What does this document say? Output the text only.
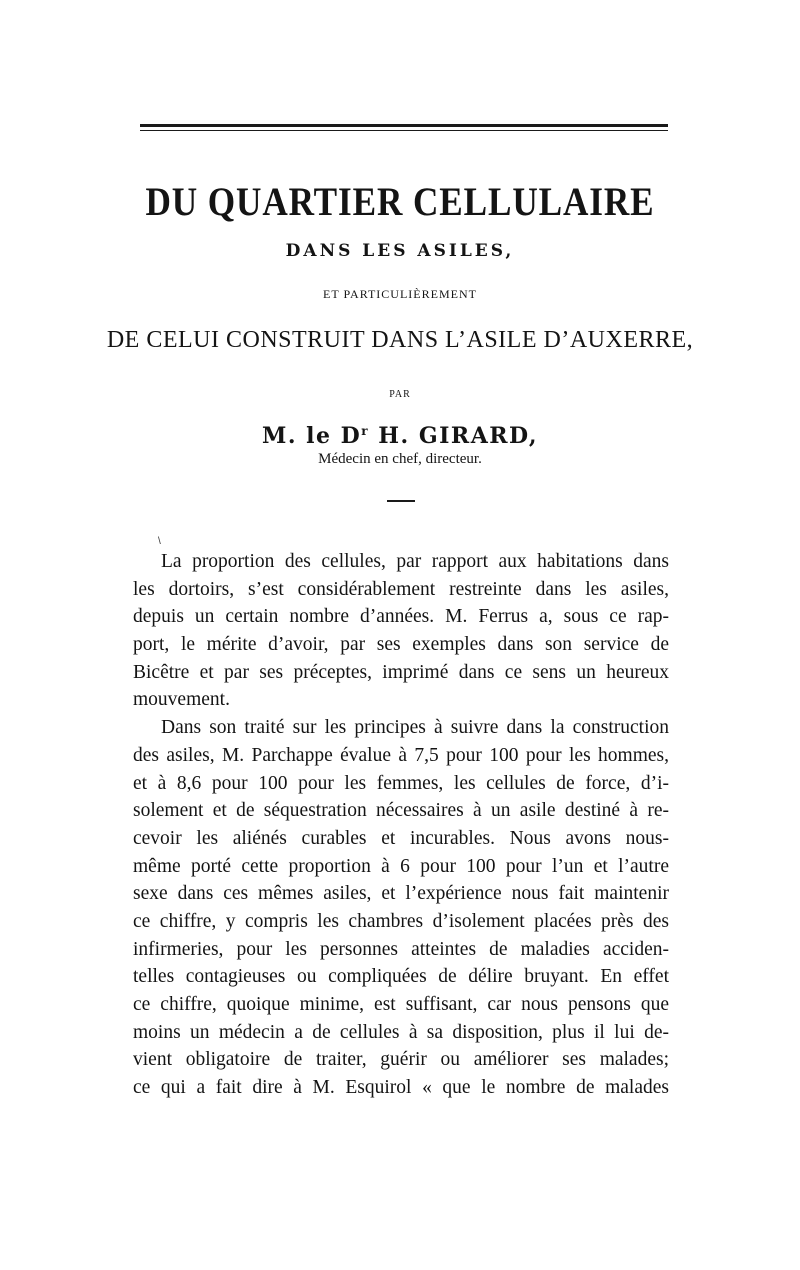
DU QUARTIER CELLULAIRE
DANS LES ASILES,
ET PARTICULIÈREMENT
DE CELUI CONSTRUIT DANS L’ASILE D’AUXERRE,
PAR
M. le $D^r$ H. GIRARD,
Médecin en chef, directeur.
\
La proportion des cellules, par rapport aux habitations dans
les dortoirs, s’est considérablement restreinte dans les asiles,
depuis un certain nombre d’années. M. Ferrus a, sous ce rap-
port, le mérite d’avoir, par ses exemples dans son service de
Bicêtre et par ses préceptes, imprimé dans ce sens un heureux
mouvement.
Dans son traité sur les principes à suivre dans la construction
des asiles, M. Parchappe évalue à 7,5 pour 100 pour les hommes,
et à 8,6 pour 100 pour les femmes, les cellules de force, d’i-
solement et de séquestration nécessaires à un asile destiné à re-
cevoir les aliénés curables et incurables. Nous avons nous-
même porté cette proportion à 6 pour 100 pour l’un et l’autre
sexe dans ces mêmes asiles, et l’expérience nous fait maintenir
ce chiffre, y compris les chambres d’isolement placées près des
infirmeries, pour les personnes atteintes de maladies acciden-
telles contagieuses ou compliquées de délire bruyant. En effet
ce chiffre, quoique minime, est suffisant, car nous pensons que
moins un médecin a de cellules à sa disposition, plus il lui de-
vient obligatoire de traiter, guérir ou améliorer ses malades;
ce qui a fait dire à M. Esquirol « que le nombre de malades
